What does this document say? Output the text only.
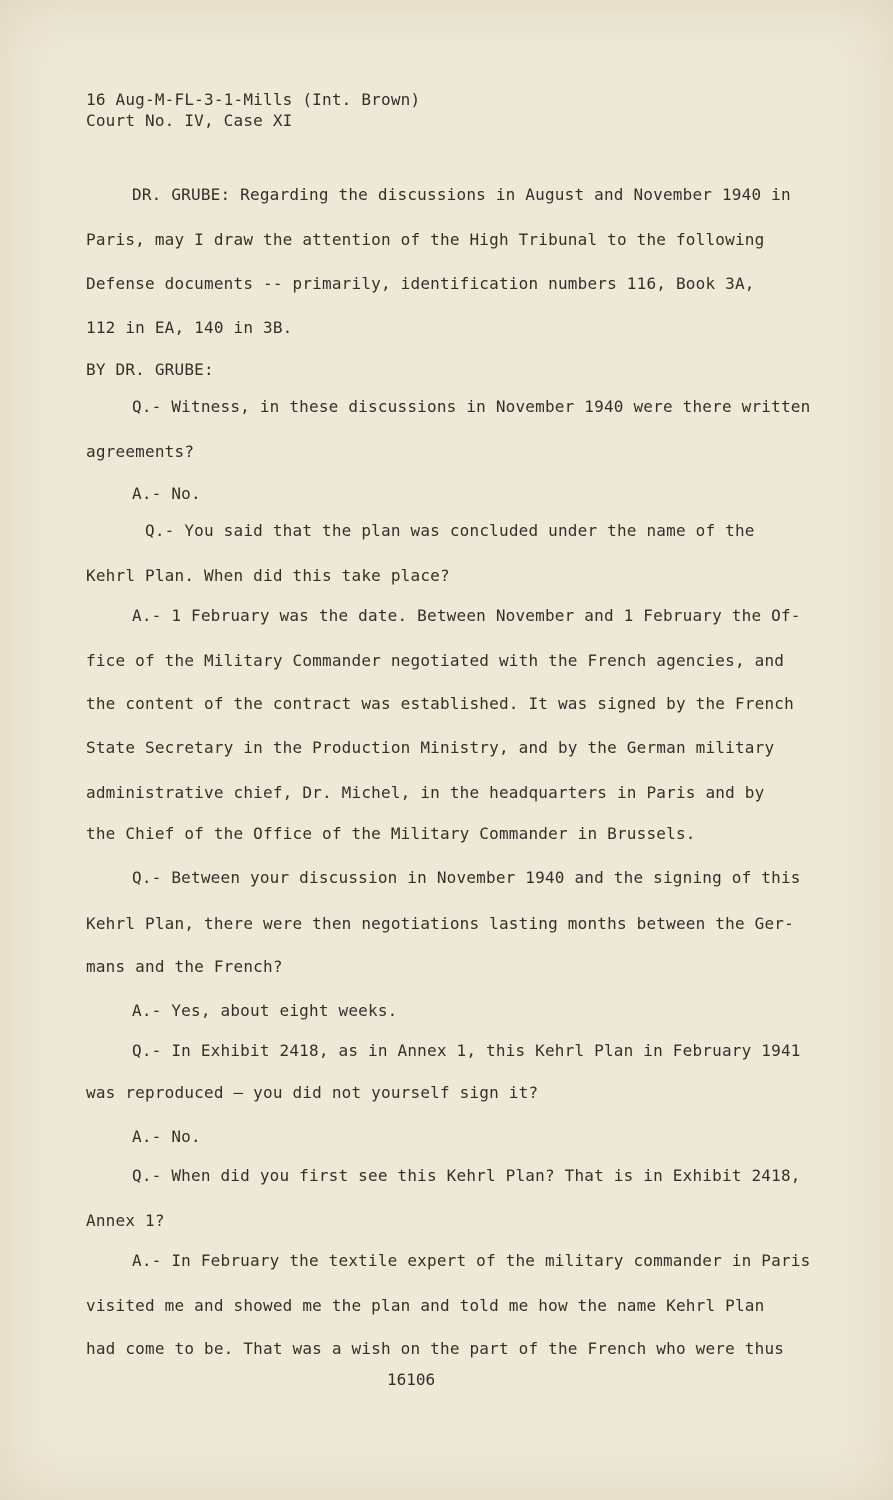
16 Aug-M-FL-3-1-Mills (Int. Brown)
Court No. IV, Case XI
DR. GRUBE: Regarding the discussions in August and November 1940 in
Paris, may I draw the attention of the High Tribunal to the following
Defense documents -- primarily, identification numbers 116, Book 3A,
112 in EA, 140 in 3B.
BY DR. GRUBE:
Q.- Witness, in these discussions in November 1940 were there written
agreements?
A.- No.
Q.- You said that the plan was concluded under the name of the
Kehrl Plan. When did this take place?
A.- 1 February was the date. Between November and 1 February the Of-
fice of the Military Commander negotiated with the French agencies, and
the content of the contract was established. It was signed by the French
State Secretary in the Production Ministry, and by the German military
administrative chief, Dr. Michel, in the headquarters in Paris and by
the Chief of the Office of the Military Commander in Brussels.
Q.- Between your discussion in November 1940 and the signing of this
Kehrl Plan, there were then negotiations lasting months between the Ger-
mans and the French?
A.- Yes, about eight weeks.
Q.- In Exhibit 2418, as in Annex 1, this Kehrl Plan in February 1941
was reproduced — you did not yourself sign it?
A.- No.
Q.- When did you first see this Kehrl Plan? That is in Exhibit 2418,
Annex 1?
A.- In February the textile expert of the military commander in Paris
visited me and showed me the plan and told me how the name Kehrl Plan
had come to be. That was a wish on the part of the French who were thus
16106
